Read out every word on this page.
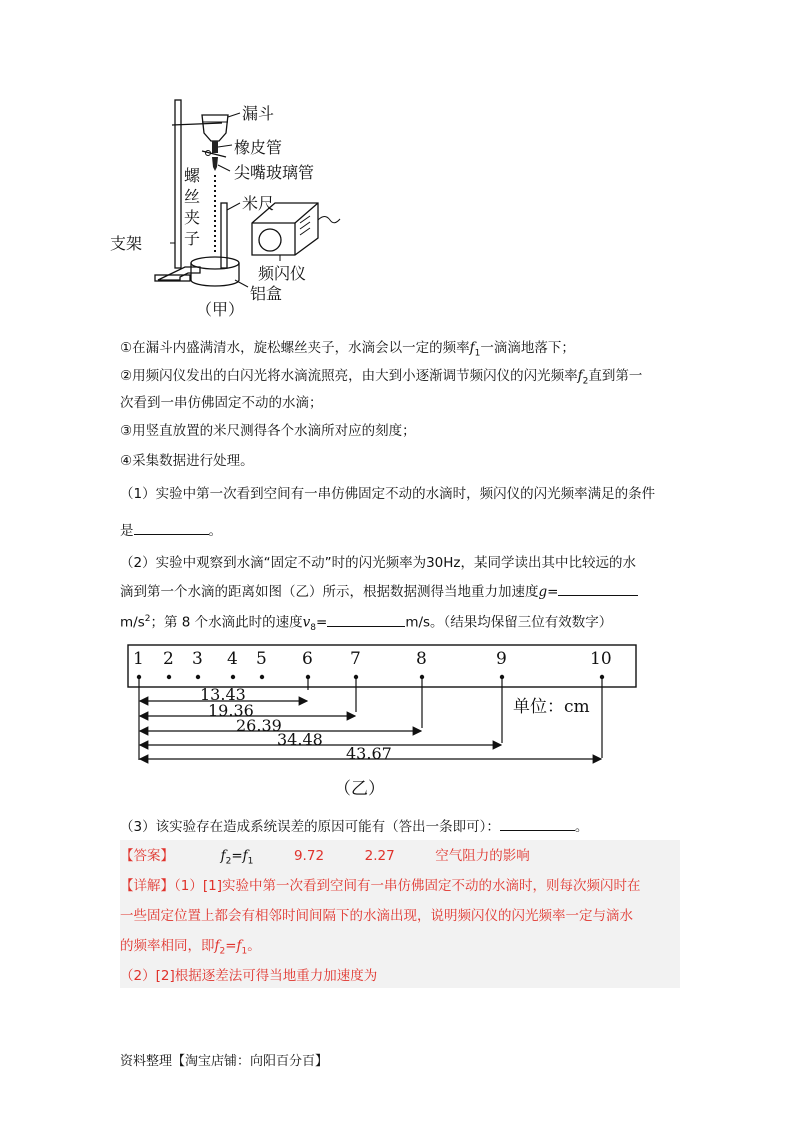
漏斗
橡皮管
尖嘴玻璃管
螺丝夹子
米尺
支架
频闪仪
铝盒
（甲）
①在漏斗内盛满清水，旋松螺丝夹子，水滴会以一定的频率$f_1$一滴滴地落下；
②用频闪仪发出的白闪光将水滴流照亮，由大到小逐渐调节频闪仪的闪光频率$f_2$直到第一
次看到一串仿佛固定不动的水滴；
③用竖直放置的米尺测得各个水滴所对应的刻度；
④采集数据进行处理。
（1）实验中第一次看到空间有一串仿佛固定不动的水滴时，频闪仪的闪光频率满足的条件
是	。
（2）实验中观察到水滴“固定不动”时的闪光频率为30Hz，某同学读出其中比较远的水
滴到第一个水滴的距离如图（乙）所示，根据数据测得当地重力加速度g=
$m/s^2$；第 8 个水滴此时的速度$v_8=$	m/s。（结果均保留三位有效数字）
1 2 3 4 5 6 7	8	9	10
13.43
19.36
26.39
34.48
43.67
单位：cm
（乙）
（3）该实验存在造成系统误差的原因可能有（答出一条即可）：	。
【答案】	$f_2=f_1$	9.72	2.27	空气阻力的影响
【详解】（1）[1]实验中第一次看到空间有一串仿佛固定不动的水滴时，则每次频闪时在
一些固定位置上都会有相邻时间间隔下的水滴出现，说明频闪仪的闪光频率一定与滴水
的频率相同，即$f_2=f_1$。
（2）[2]根据逐差法可得当地重力加速度为
资料整理【淘宝店铺：向阳百分百】
